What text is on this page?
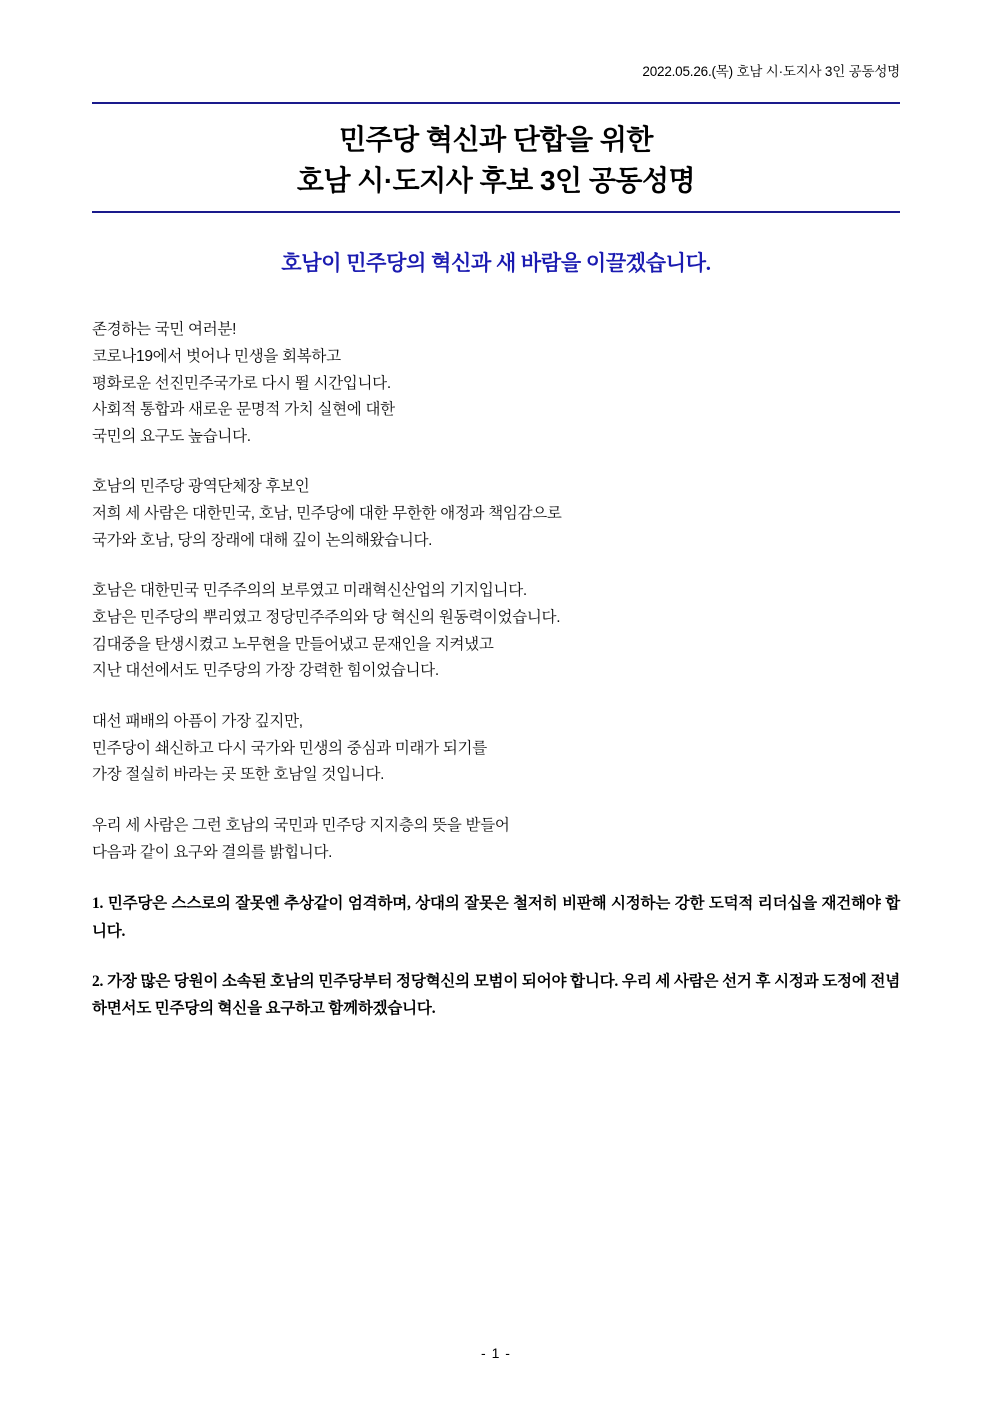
2022.05.26.(목) 호남 시·도지사 3인 공동성명
민주당 혁신과 단합을 위한
호남 시·도지사 후보 3인 공동성명
호남이 민주당의 혁신과 새 바람을 이끌겠습니다.

존경하는 국민 여러분!
코로나19에서 벗어나 민생을 회복하고
평화로운 선진민주국가로 다시 뛸 시간입니다.
사회적 통합과 새로운 문명적 가치 실현에 대한
국민의 요구도 높습니다.

호남의 민주당 광역단체장 후보인
저희 세 사람은 대한민국, 호남, 민주당에 대한 무한한 애정과 책임감으로
국가와 호남, 당의 장래에 대해 깊이 논의해왔습니다.

호남은 대한민국 민주주의의 보루였고 미래혁신산업의 기지입니다.
호남은 민주당의 뿌리였고 정당민주주의와 당 혁신의 원동력이었습니다.
김대중을 탄생시켰고 노무현을 만들어냈고 문재인을 지켜냈고
지난 대선에서도 민주당의 가장 강력한 힘이었습니다.

대선 패배의 아픔이 가장 깊지만,
민주당이 쇄신하고 다시 국가와 민생의 중심과 미래가 되기를
가장 절실히 바라는 곳 또한 호남일 것입니다.

우리 세 사람은 그런 호남의 국민과 민주당 지지층의 뜻을 받들어
다음과 같이 요구와 결의를 밝힙니다.

1. 민주당은 스스로의 잘못엔 추상같이 엄격하며, 상대의 잘못은 철저히 비판해 시정하는 강한 도덕적 리더십을 재건해야 합니다.

2. 가장 많은 당원이 소속된 호남의 민주당부터 정당혁신의 모범이 되어야 합니다. 우리 세 사람은 선거 후 시정과 도정에 전념하면서도 민주당의 혁신을 요구하고 함께하겠습니다.

- 1 -
